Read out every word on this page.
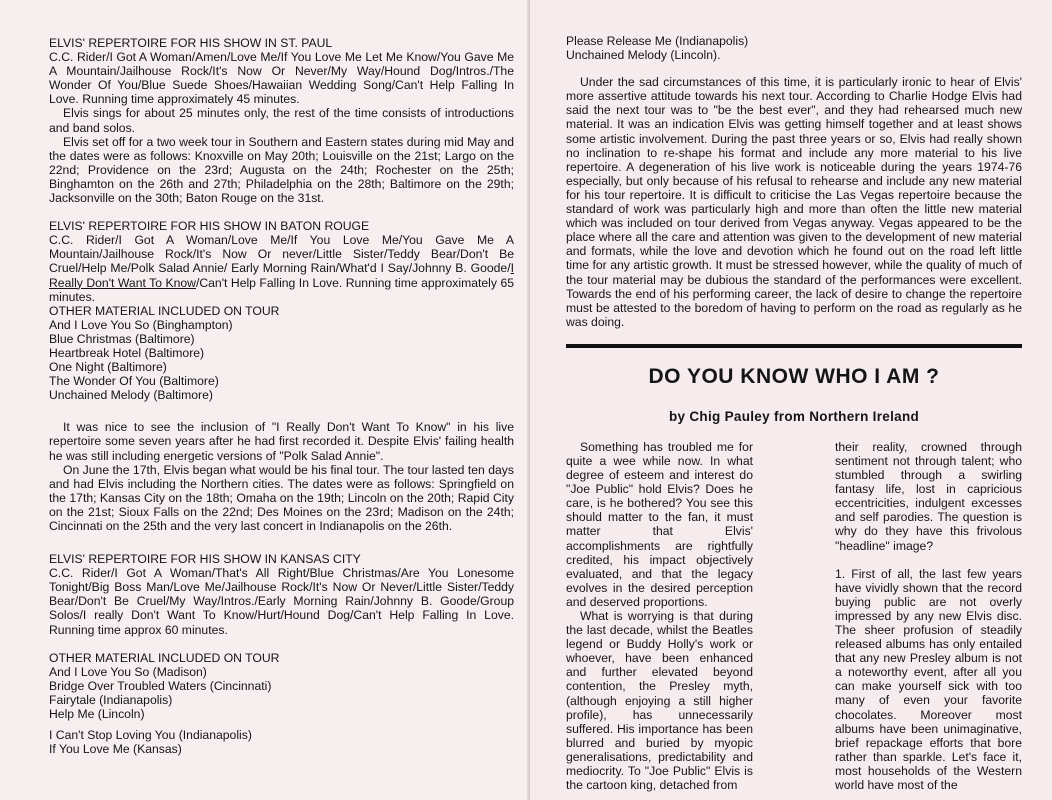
ELVIS' REPERTOIRE FOR HIS SHOW IN ST. PAUL

C.C. Rider/I Got A Woman/Amen/Love Me/If You Love Me Let Me Know/You Gave Me A Mountain/Jailhouse Rock/It's Now Or Never/My Way/Hound Dog/Intros./The Wonder Of You/Blue Suede Shoes/Hawaiian Wedding Song/Can't Help Falling In Love. Running time approximately 45 minutes.

Elvis sings for about 25 minutes only, the rest of the time consists of introductions and band solos.

Elvis set off for a two week tour in Southern and Eastern states during mid May and the dates were as follows: Knoxville on May 20th; Louisville on the 21st; Largo on the 22nd; Providence on the 23rd; Augusta on the 24th; Rochester on the 25th; Binghamton on the 26th and 27th; Philadelphia on the 28th; Baltimore on the 29th; Jacksonville on the 30th; Baton Rouge on the 31st.

ELVIS' REPERTOIRE FOR HIS SHOW IN BATON ROUGE

C.C. Rider/I Got A Woman/Love Me/If You Love Me/You Gave Me A Mountain/Jailhouse Rock/It's Now Or never/Little Sister/Teddy Bear/Don't Be Cruel/Help Me/Polk Salad Annie/ Early Morning Rain/What'd I Say/Johnny B. Goode/I Really Don't Want To Know/Can't Help Falling In Love. Running time approximately 65 minutes.

OTHER MATERIAL INCLUDED ON TOUR

And I Love You So (Binghampton)

Blue Christmas (Baltimore)

Heartbreak Hotel (Baltimore)

One Night (Baltimore)

The Wonder Of You (Baltimore)

Unchained Melody (Baltimore)

It was nice to see the inclusion of "I Really Don't Want To Know" in his live repertoire some seven years after he had first recorded it. Despite Elvis' failing health he was still including energetic versions of "Polk Salad Annie".

On June the 17th, Elvis began what would be his final tour. The tour lasted ten days and had Elvis including the Northern cities. The dates were as follows: Springfield on the 17th; Kansas City on the 18th; Omaha on the 19th; Lincoln on the 20th; Rapid City on the 21st; Sioux Falls on the 22nd; Des Moines on the 23rd; Madison on the 24th; Cincinnati on the 25th and the very last concert in Indianapolis on the 26th.

ELVIS' REPERTOIRE FOR HIS SHOW IN KANSAS CITY

C.C. Rider/I Got A Woman/That's All Right/Blue Christmas/Are You Lonesome Tonight/Big Boss Man/Love Me/Jailhouse Rock/It's Now Or Never/Little Sister/Teddy Bear/Don't Be Cruel/My Way/Intros./Early Morning Rain/Johnny B. Goode/Group Solos/I really Don't Want To Know/Hurt/Hound Dog/Can't Help Falling In Love. Running time approx 60 minutes.

OTHER MATERIAL INCLUDED ON TOUR

And I Love You So (Madison)

Bridge Over Troubled Waters (Cincinnati)

Fairytale (Indianapolis)

Help Me (Lincoln)

I Can't Stop Loving You (Indianapolis)

If You Love Me (Kansas)

Please Release Me (Indianapolis)

Unchained Melody (Lincoln).

Under the sad circumstances of this time, it is particularly ironic to hear of Elvis' more assertive attitude towards his next tour. According to Charlie Hodge Elvis had said the next tour was to "be the best ever", and they had rehearsed much new material. It was an indication Elvis was getting himself together and at least shows some artistic involvement. During the past three years or so, Elvis had really shown no inclination to re-shape his format and include any more material to his live repertoire. A degeneration of his live work is noticeable during the years 1974-76 especially, but only because of his refusal to rehearse and include any new material for his tour repertoire. It is difficult to criticise the Las Vegas repertoire because the standard of work was particularly high and more than often the little new material which was included on tour derived from Vegas anyway. Vegas appeared to be the place where all the care and attention was given to the development of new material and formats, while the love and devotion which he found out on the road left little time for any artistic growth. It must be stressed however, while the quality of much of the tour material may be dubious the standard of the performances were excellent. Towards the end of his performing career, the lack of desire to change the repertoire must be attested to the boredom of having to perform on the road as regularly as he was doing.

DO YOU KNOW WHO I AM ?

by Chig Pauley from Northern Ireland

Something has troubled me for quite a wee while now. In what degree of esteem and interest do "Joe Public" hold Elvis? Does he care, is he bothered? You see this should matter to the fan, it must matter that Elvis' accomplishments are rightfully credited, his impact objectively evaluated, and that the legacy evolves in the desired perception and deserved proportions.

What is worrying is that during the last decade, whilst the Beatles legend or Buddy Holly's work or whoever, have been enhanced and further elevated beyond contention, the Presley myth, (although enjoying a still higher profile), has unnecessarily suffered. His importance has been blurred and buried by myopic generalisations, predictability and mediocrity. To "Joe Public" Elvis is the cartoon king, detached from

their reality, crowned through sentiment not through talent; who stumbled through a swirling fantasy life, lost in capricious eccentricities, indulgent excesses and self parodies. The question is why do they have this frivolous "headline" image?

1. First of all, the last few years have vividly shown that the record buying public are not overly impressed by any new Elvis disc. The sheer profusion of steadily released albums has only entailed that any new Presley album is not a noteworthy event, after all you can make yourself sick with too many of even your favorite chocolates. Moreover most albums have been unimaginative, brief repackage efforts that bore rather than sparkle. Let's face it, most households of the Western world have most of the
